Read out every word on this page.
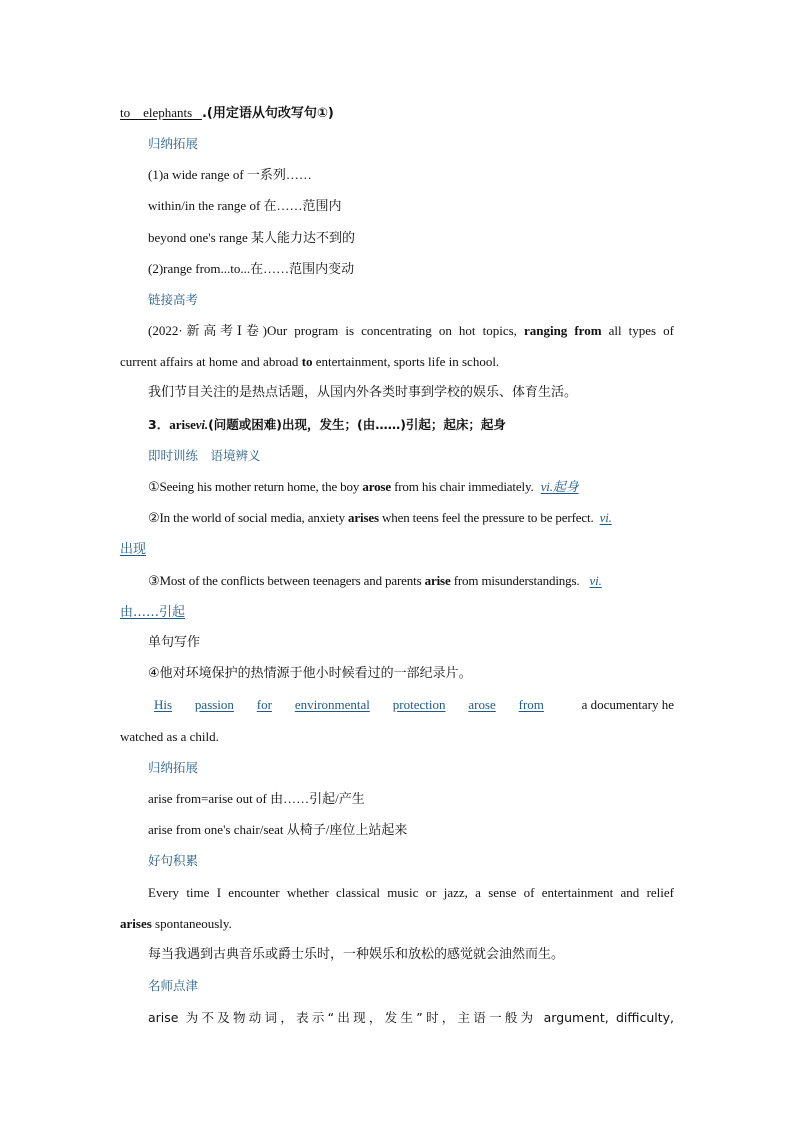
to    elephants   .(用定语从句改写句①)
归纳拓展
(1)a wide range of 一系列……
within/in the range of 在……范围内
beyond one's range 某人能力达不到的
(2)range from...to...在……范围内变动
链接高考
(2022·新高考Ⅰ卷)Our program is concentrating on hot topics, ranging from all types of
current affairs at home and abroad to entertainment, sports life in school.
我们节目关注的是热点话题，从国内外各类时事到学校的娱乐、体育生活。
3．arisevi.(问题或困难)出现，发生；(由……)引起；起床；起身
即时训练　语境辨义
①Seeing his mother return home, the boy arose from his chair immediately. vi.起身
②In the world of social media, anxiety arises when teens feel the pressure to be perfect. vi.
出现
③Most of the conflicts between teenagers and parents arise from misunderstandings. vi.
由……引起
单句写作
④他对环境保护的热情源于他小时候看过的一部纪录片。
His passion for environmental protection arose from	a documentary he
watched as a child.
归纳拓展
arise from=arise out of 由……引起/产生
arise from one's chair/seat 从椅子/座位上站起来
好句积累
Every time I encounter whether classical music or jazz, a sense of entertainment and relief
arises spontaneously.
每当我遇到古典音乐或爵士乐时，一种娱乐和放松的感觉就会油然而生。
名师点津
arise 为不及物动词，表示“出现，发生”时，主语一般为 argument, difficulty,
